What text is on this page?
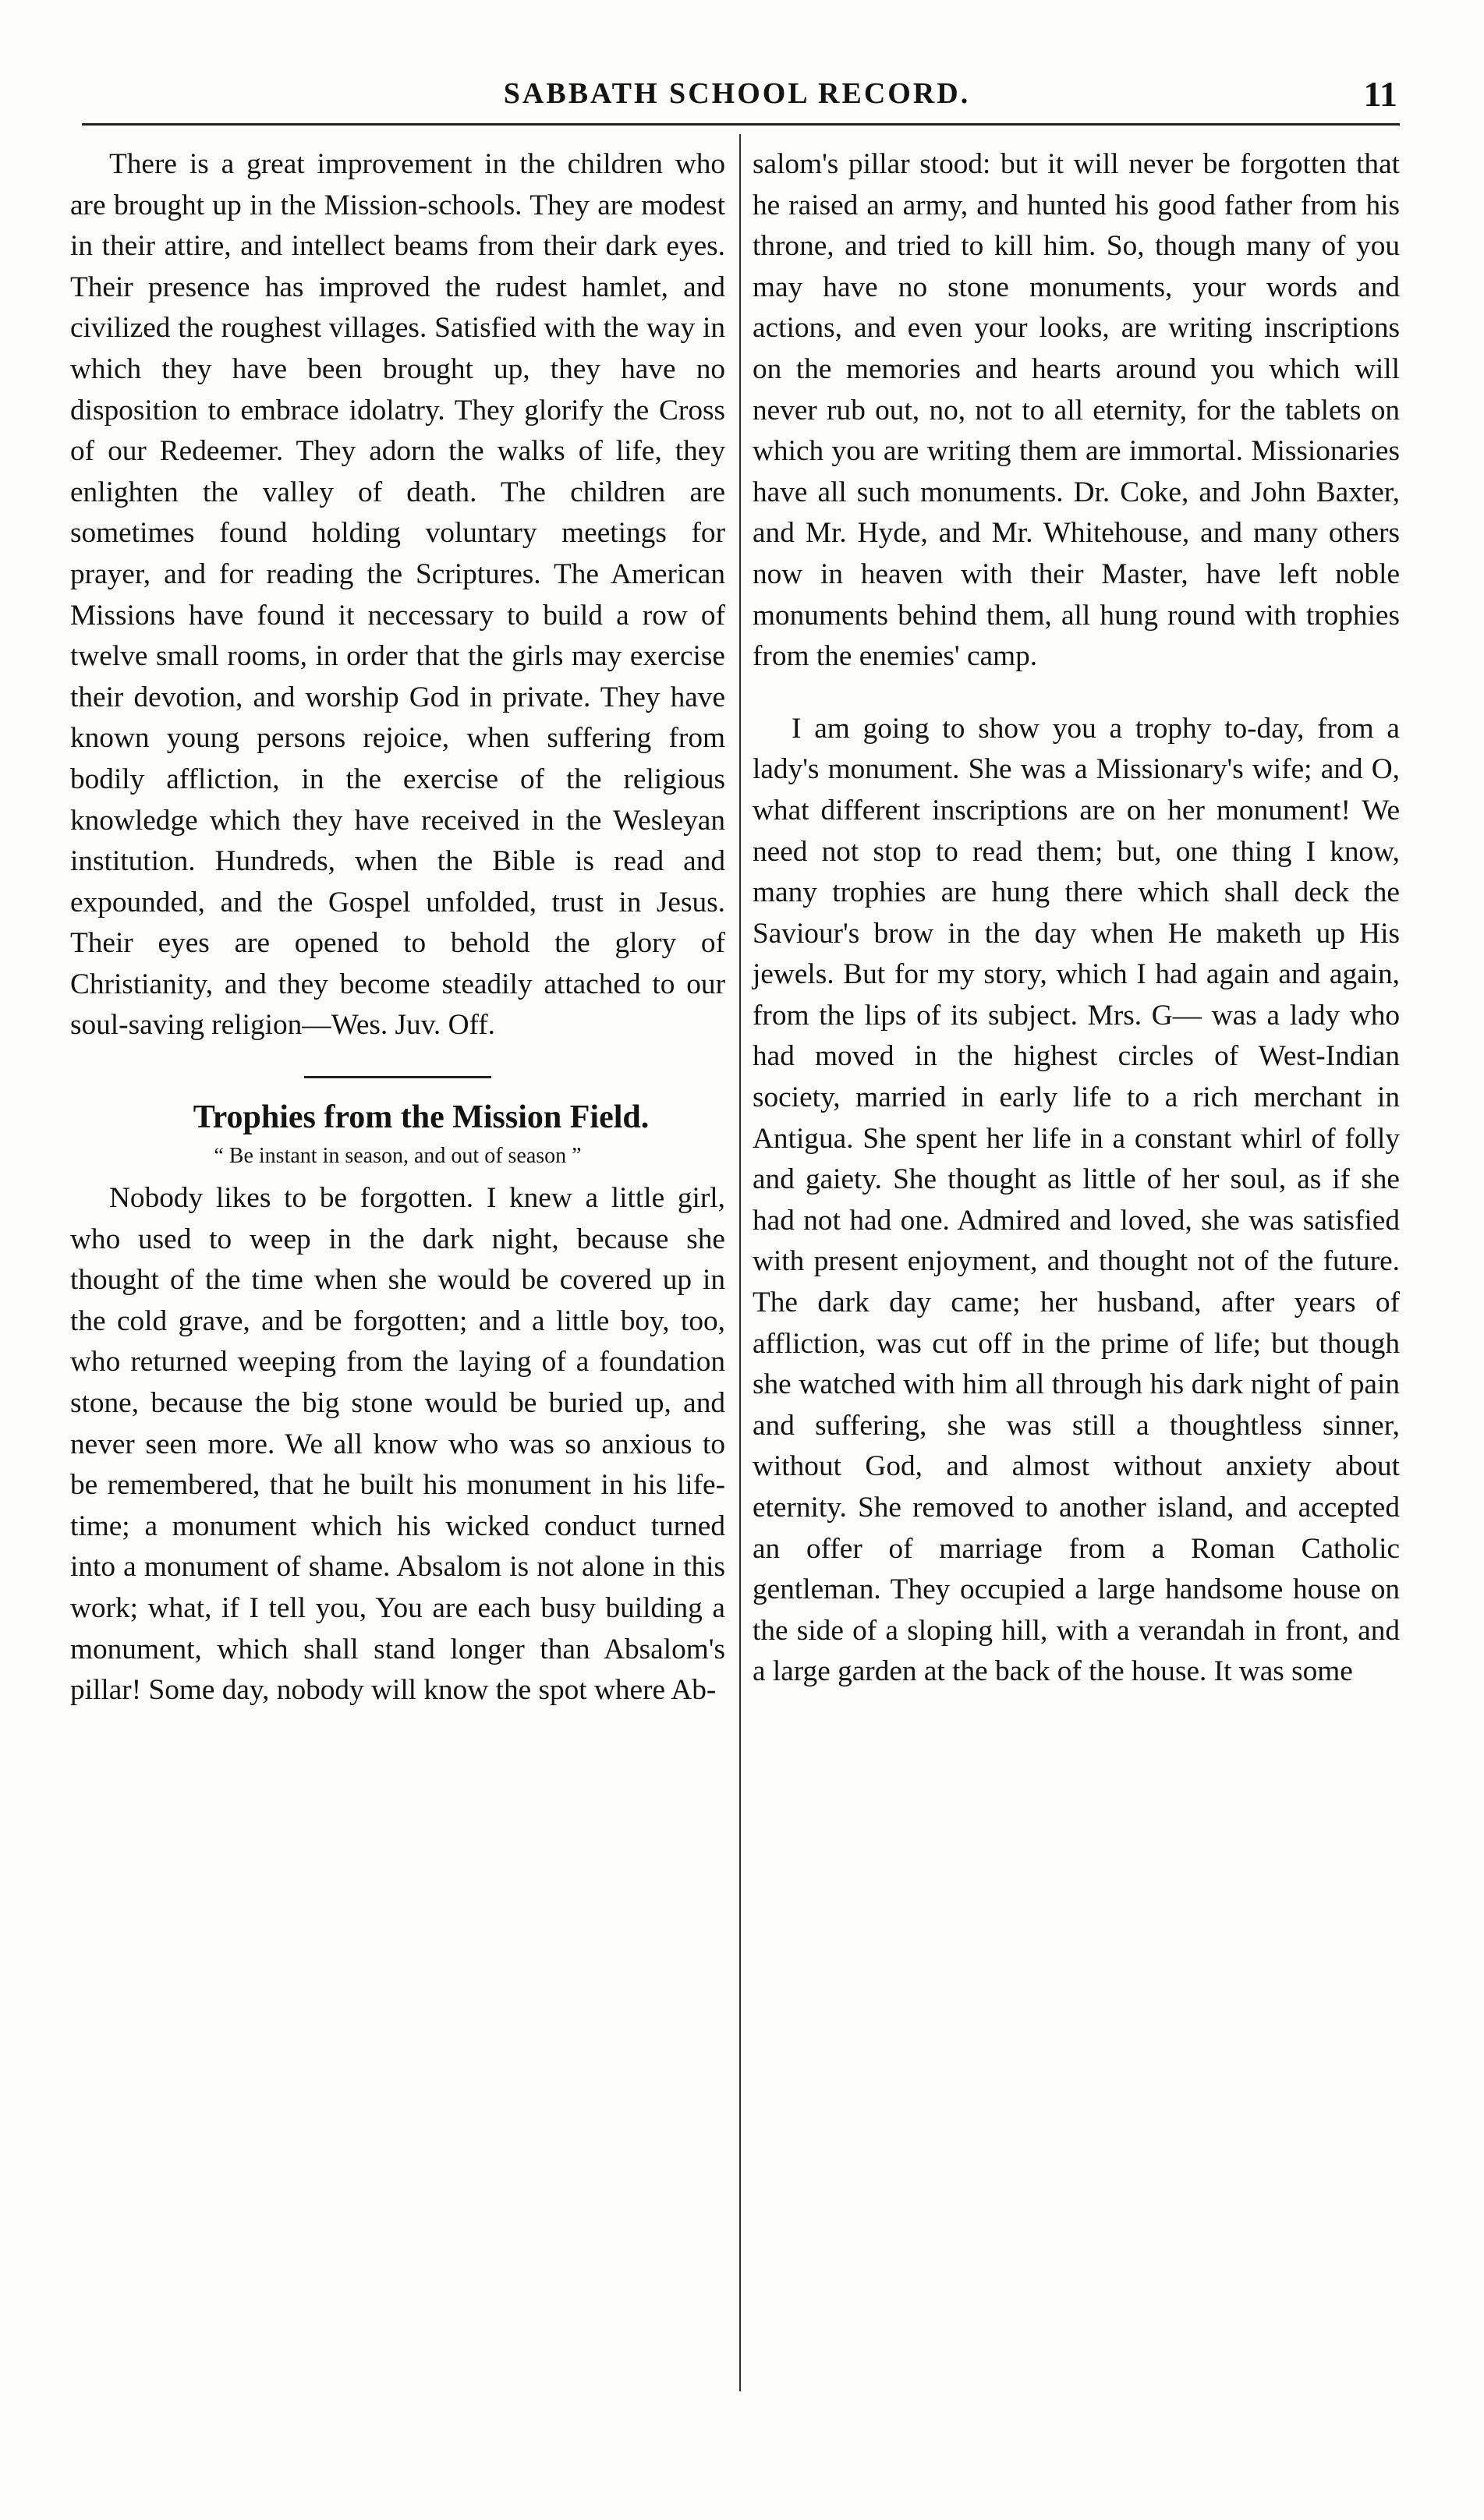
SABBATH SCHOOL RECORD.	11

There is a great improvement in the children who are brought up in the Mission-schools. They are modest in their attire, and intellect beams from their dark eyes. Their presence has improved the rudest hamlet, and civilized the roughest villages. Satisfied with the way in which they have been brought up, they have no disposition to embrace idolatry. They glorify the Cross of our Redeemer. They adorn the walks of life, they enlighten the valley of death. The children are sometimes found holding voluntary meetings for prayer, and for reading the Scriptures. The American Missions have found it neccessary to build a row of twelve small rooms, in order that the girls may exercise their devotion, and worship God in private. They have known young persons rejoice, when suffering from bodily affliction, in the exercise of the religious knowledge which they have received in the Wesleyan institution. Hundreds, when the Bible is read and expounded, and the Gospel unfolded, trust in Jesus. Their eyes are opened to behold the glory of Christianity, and they become steadily attached to our soul-saving religion—Wes. Juv. Off.

Trophies from the Mission Field.
“ Be instant in season, and out of season ”

Nobody likes to be forgotten. I knew a little girl, who used to weep in the dark night, because she thought of the time when she would be covered up in the cold grave, and be forgotten; and a little boy, too, who returned weeping from the laying of a foundation stone, because the big stone would be buried up, and never seen more. We all know who was so anxious to be remembered, that he built his monument in his life-time; a monument which his wicked conduct turned into a monument of shame. Absalom is not alone in this work; what, if I tell you, You are each busy building a monument, which shall stand longer than Absalom's pillar! Some day, nobody will know the spot where Ab-

salom's pillar stood: but it will never be forgotten that he raised an army, and hunted his good father from his throne, and tried to kill him. So, though many of you may have no stone monuments, your words and actions, and even your looks, are writing inscriptions on the memories and hearts around you which will never rub out, no, not to all eternity, for the tablets on which you are writing them are immortal. Missionaries have all such monuments. Dr. Coke, and John Baxter, and Mr. Hyde, and Mr. Whitehouse, and many others now in heaven with their Master, have left noble monuments behind them, all hung round with trophies from the enemies' camp.

I am going to show you a trophy to-day, from a lady's monument. She was a Missionary's wife; and O, what different inscriptions are on her monument! We need not stop to read them; but, one thing I know, many trophies are hung there which shall deck the Saviour's brow in the day when He maketh up His jewels. But for my story, which I had again and again, from the lips of its subject. Mrs. G— was a lady who had moved in the highest circles of West-Indian society, married in early life to a rich merchant in Antigua. She spent her life in a constant whirl of folly and gaiety. She thought as little of her soul, as if she had not had one. Admired and loved, she was satisfied with present enjoyment, and thought not of the future. The dark day came; her husband, after years of affliction, was cut off in the prime of life; but though she watched with him all through his dark night of pain and suffering, she was still a thoughtless sinner, without God, and almost without anxiety about eternity. She removed to another island, and accepted an offer of marriage from a Roman Catholic gentleman. They occupied a large handsome house on the side of a sloping hill, with a verandah in front, and a large garden at the back of the house. It was some
